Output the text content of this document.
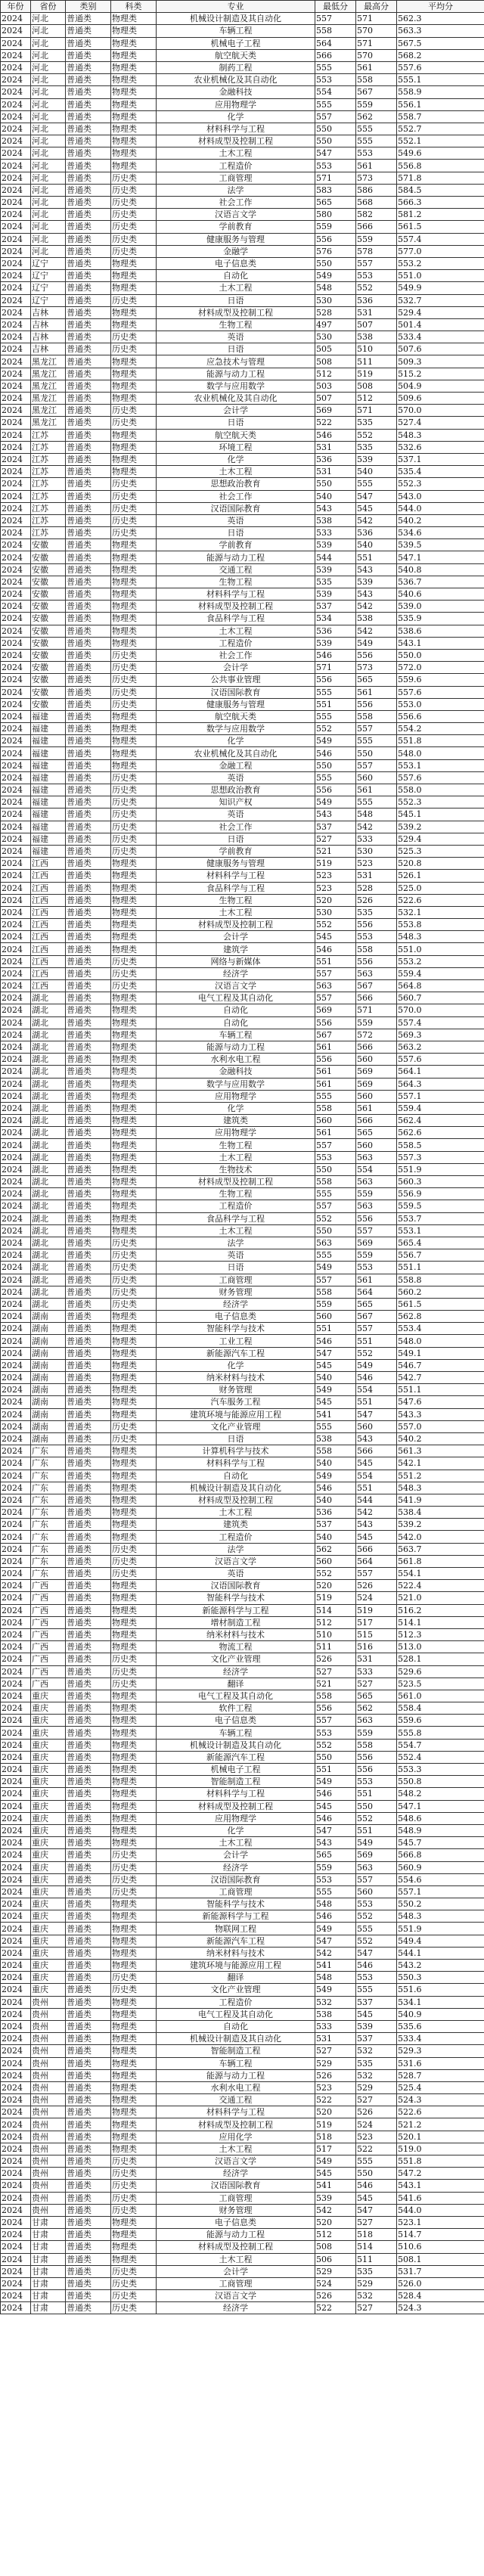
年份	省份	类别	科类	专业	最低分	最高分	平均分
2024	河北	普通类	物理类	机械设计制造及其自动化	557	571	562.3
2024	河北	普通类	物理类	车辆工程	558	570	563.3
2024	河北	普通类	物理类	机械电子工程	564	571	567.5
2024	河北	普通类	物理类	航空航天类	566	570	568.2
2024	河北	普通类	物理类	制药工程	555	561	557.6
2024	河北	普通类	物理类	农业机械化及其自动化	553	558	555.1
2024	河北	普通类	物理类	金融科技	554	567	558.9
2024	河北	普通类	物理类	应用物理学	555	559	556.1
2024	河北	普通类	物理类	化学	557	562	558.7
2024	河北	普通类	物理类	材料科学与工程	550	555	552.7
2024	河北	普通类	物理类	材料成型及控制工程	550	555	552.1
2024	河北	普通类	物理类	土木工程	547	553	549.6
2024	河北	普通类	物理类	工程造价	553	561	556.8
2024	河北	普通类	历史类	工商管理	571	573	571.8
2024	河北	普通类	历史类	法学	583	586	584.5
2024	河北	普通类	历史类	社会工作	565	568	566.3
2024	河北	普通类	历史类	汉语言文学	580	582	581.2
2024	河北	普通类	历史类	学前教育	559	566	561.5
2024	河北	普通类	历史类	健康服务与管理	556	559	557.4
2024	河北	普通类	历史类	金融学	576	578	577.0
2024	辽宁	普通类	物理类	电子信息类	550	557	553.2
2024	辽宁	普通类	物理类	自动化	549	553	551.0
2024	辽宁	普通类	物理类	土木工程	548	552	549.9
2024	辽宁	普通类	历史类	日语	530	536	532.7
2024	吉林	普通类	物理类	材料成型及控制工程	528	531	529.4
2024	吉林	普通类	物理类	生物工程	497	507	501.4
2024	吉林	普通类	历史类	英语	530	538	533.4
2024	吉林	普通类	历史类	日语	505	510	507.6
2024	黑龙江	普通类	物理类	应急技术与管理	508	511	509.3
2024	黑龙江	普通类	物理类	能源与动力工程	512	519	515.2
2024	黑龙江	普通类	物理类	数学与应用数学	503	508	504.9
2024	黑龙江	普通类	物理类	农业机械化及其自动化	507	512	509.6
2024	黑龙江	普通类	历史类	会计学	569	571	570.0
2024	黑龙江	普通类	历史类	日语	522	535	527.4
2024	江苏	普通类	物理类	航空航天类	546	552	548.3
2024	江苏	普通类	物理类	环境工程	531	535	532.6
2024	江苏	普通类	物理类	化学	536	539	537.1
2024	江苏	普通类	物理类	土木工程	531	540	535.4
2024	江苏	普通类	历史类	思想政治教育	550	555	552.3
2024	江苏	普通类	历史类	社会工作	540	547	543.0
2024	江苏	普通类	历史类	汉语国际教育	543	545	544.0
2024	江苏	普通类	历史类	英语	538	542	540.2
2024	江苏	普通类	历史类	日语	533	536	534.6
2024	安徽	普通类	物理类	学前教育	539	540	539.5
2024	安徽	普通类	物理类	能源与动力工程	544	551	547.1
2024	安徽	普通类	物理类	交通工程	539	543	540.8
2024	安徽	普通类	物理类	生物工程	535	539	536.7
2024	安徽	普通类	物理类	材料科学与工程	539	543	540.6
2024	安徽	普通类	物理类	材料成型及控制工程	537	542	539.0
2024	安徽	普通类	物理类	食品科学与工程	534	538	535.9
2024	安徽	普通类	物理类	土木工程	536	542	538.6
2024	安徽	普通类	物理类	工程造价	539	549	543.1
2024	安徽	普通类	历史类	社会工作	546	556	550.0
2024	安徽	普通类	历史类	会计学	571	573	572.0
2024	安徽	普通类	历史类	公共事业管理	556	565	559.6
2024	安徽	普通类	历史类	汉语国际教育	555	561	557.6
2024	安徽	普通类	历史类	健康服务与管理	551	556	553.0
2024	福建	普通类	物理类	航空航天类	555	558	556.6
2024	福建	普通类	物理类	数学与应用数学	552	557	554.2
2024	福建	普通类	物理类	化学	549	555	551.8
2024	福建	普通类	物理类	农业机械化及其自动化	546	550	548.0
2024	福建	普通类	物理类	金融工程	550	557	553.1
2024	福建	普通类	历史类	英语	555	560	557.6
2024	福建	普通类	历史类	思想政治教育	556	561	558.0
2024	福建	普通类	历史类	知识产权	549	555	552.3
2024	福建	普通类	历史类	英语	543	548	545.1
2024	福建	普通类	历史类	社会工作	537	542	539.2
2024	福建	普通类	历史类	日语	527	533	529.4
2024	福建	普通类	历史类	学前教育	521	530	525.3
2024	江西	普通类	物理类	健康服务与管理	519	523	520.8
2024	江西	普通类	物理类	材料科学与工程	523	531	526.1
2024	江西	普通类	物理类	食品科学与工程	523	528	525.0
2024	江西	普通类	物理类	生物工程	520	526	522.6
2024	江西	普通类	物理类	土木工程	530	535	532.1
2024	江西	普通类	物理类	材料成型及控制工程	552	556	553.8
2024	江西	普通类	物理类	会计学	545	553	548.3
2024	江西	普通类	物理类	建筑学	546	558	551.0
2024	江西	普通类	历史类	网络与新媒体	551	556	553.2
2024	江西	普通类	历史类	经济学	557	563	559.4
2024	江西	普通类	历史类	汉语言文学	563	567	564.8
2024	湖北	普通类	物理类	电气工程及其自动化	557	566	560.7
2024	湖北	普通类	物理类	自动化	569	571	570.0
2024	湖北	普通类	物理类	自动化	556	559	557.4
2024	湖北	普通类	物理类	车辆工程	567	572	569.3
2024	湖北	普通类	物理类	能源与动力工程	561	566	563.2
2024	湖北	普通类	物理类	水利水电工程	556	560	557.6
2024	湖北	普通类	物理类	金融科技	561	569	564.1
2024	湖北	普通类	物理类	数学与应用数学	561	569	564.3
2024	湖北	普通类	物理类	应用物理学	555	560	557.1
2024	湖北	普通类	物理类	化学	558	561	559.4
2024	湖北	普通类	物理类	建筑类	560	566	562.4
2024	湖北	普通类	物理类	应用物理学	561	565	562.6
2024	湖北	普通类	物理类	生物工程	557	560	558.5
2024	湖北	普通类	物理类	土木工程	553	563	557.3
2024	湖北	普通类	物理类	生物技术	550	554	551.9
2024	湖北	普通类	物理类	材料成型及控制工程	558	563	560.3
2024	湖北	普通类	物理类	生物工程	555	559	556.9
2024	湖北	普通类	物理类	工程造价	557	563	559.5
2024	湖北	普通类	物理类	食品科学与工程	552	556	553.7
2024	湖北	普通类	物理类	土木工程	550	557	553.1
2024	湖北	普通类	历史类	法学	563	569	565.4
2024	湖北	普通类	历史类	英语	555	559	556.7
2024	湖北	普通类	历史类	日语	549	553	551.1
2024	湖北	普通类	历史类	工商管理	557	561	558.8
2024	湖北	普通类	历史类	财务管理	558	564	560.2
2024	湖北	普通类	历史类	经济学	559	565	561.5
2024	湖南	普通类	物理类	电子信息类	560	567	562.8
2024	湖南	普通类	物理类	智能科学与技术	551	557	553.4
2024	湖南	普通类	物理类	工业工程	546	551	548.0
2024	湖南	普通类	物理类	新能源汽车工程	547	552	549.1
2024	湖南	普通类	物理类	化学	545	549	546.7
2024	湖南	普通类	物理类	纳米材料与技术	540	546	542.7
2024	湖南	普通类	物理类	财务管理	549	554	551.1
2024	湖南	普通类	物理类	汽车服务工程	545	551	547.6
2024	湖南	普通类	物理类	建筑环境与能源应用工程	541	547	543.3
2024	湖南	普通类	历史类	文化产业管理	555	560	557.0
2024	湖南	普通类	历史类	日语	538	543	540.2
2024	广东	普通类	物理类	计算机科学与技术	558	566	561.3
2024	广东	普通类	物理类	材料科学与工程	540	545	542.1
2024	广东	普通类	物理类	自动化	549	554	551.2
2024	广东	普通类	物理类	机械设计制造及其自动化	546	551	548.3
2024	广东	普通类	物理类	材料成型及控制工程	540	544	541.9
2024	广东	普通类	物理类	土木工程	536	542	538.4
2024	广东	普通类	物理类	建筑类	537	543	539.2
2024	广东	普通类	物理类	工程造价	540	545	542.0
2024	广东	普通类	历史类	法学	562	566	563.7
2024	广东	普通类	历史类	汉语言文学	560	564	561.8
2024	广东	普通类	历史类	英语	552	557	554.1
2024	广西	普通类	物理类	汉语国际教育	520	526	522.4
2024	广西	普通类	物理类	智能科学与技术	519	524	521.0
2024	广西	普通类	物理类	新能源科学与工程	514	519	516.2
2024	广西	普通类	物理类	增材制造工程	512	517	514.1
2024	广西	普通类	物理类	纳米材料与技术	510	515	512.3
2024	广西	普通类	物理类	物流工程	511	516	513.0
2024	广西	普通类	历史类	文化产业管理	526	531	528.1
2024	广西	普通类	历史类	经济学	527	533	529.6
2024	广西	普通类	历史类	翻译	521	527	523.5
2024	重庆	普通类	物理类	电气工程及其自动化	558	565	561.0
2024	重庆	普通类	物理类	软件工程	556	562	558.4
2024	重庆	普通类	物理类	电子信息类	557	563	559.6
2024	重庆	普通类	物理类	车辆工程	553	559	555.8
2024	重庆	普通类	物理类	机械设计制造及其自动化	552	558	554.7
2024	重庆	普通类	物理类	新能源汽车工程	550	556	552.4
2024	重庆	普通类	物理类	机械电子工程	551	556	553.3
2024	重庆	普通类	物理类	智能制造工程	549	553	550.8
2024	重庆	普通类	物理类	材料科学与工程	546	551	548.2
2024	重庆	普通类	物理类	材料成型及控制工程	545	550	547.1
2024	重庆	普通类	物理类	应用物理学	546	552	548.6
2024	重庆	普通类	物理类	化学	547	551	548.9
2024	重庆	普通类	物理类	土木工程	543	549	545.7
2024	重庆	普通类	历史类	会计学	565	569	566.8
2024	重庆	普通类	历史类	经济学	559	563	560.9
2024	重庆	普通类	历史类	汉语国际教育	553	557	554.6
2024	重庆	普通类	历史类	工商管理	555	560	557.1
2024	重庆	普通类	物理类	智能科学与技术	548	553	550.2
2024	重庆	普通类	物理类	新能源科学与工程	546	552	548.3
2024	重庆	普通类	物理类	物联网工程	549	555	551.9
2024	重庆	普通类	物理类	新能源汽车工程	547	552	549.4
2024	重庆	普通类	物理类	纳米材料与技术	542	547	544.1
2024	重庆	普通类	物理类	建筑环境与能源应用工程	541	546	543.2
2024	重庆	普通类	历史类	翻译	548	553	550.3
2024	重庆	普通类	历史类	文化产业管理	549	555	551.6
2024	贵州	普通类	物理类	工程造价	532	537	534.1
2024	贵州	普通类	物理类	电气工程及其自动化	538	545	540.9
2024	贵州	普通类	物理类	自动化	533	539	535.6
2024	贵州	普通类	物理类	机械设计制造及其自动化	531	537	533.4
2024	贵州	普通类	物理类	智能制造工程	527	532	529.3
2024	贵州	普通类	物理类	车辆工程	529	535	531.6
2024	贵州	普通类	物理类	能源与动力工程	526	532	528.7
2024	贵州	普通类	物理类	水利水电工程	523	529	525.4
2024	贵州	普通类	物理类	交通工程	522	527	524.3
2024	贵州	普通类	物理类	材料科学与工程	520	526	522.6
2024	贵州	普通类	物理类	材料成型及控制工程	519	524	521.2
2024	贵州	普通类	物理类	应用化学	518	523	520.1
2024	贵州	普通类	物理类	土木工程	517	522	519.0
2024	贵州	普通类	历史类	汉语言文学	549	555	551.8
2024	贵州	普通类	历史类	经济学	545	550	547.2
2024	贵州	普通类	历史类	汉语国际教育	541	546	543.1
2024	贵州	普通类	历史类	工商管理	539	545	541.6
2024	贵州	普通类	历史类	财务管理	542	547	544.0
2024	甘肃	普通类	物理类	电子信息类	520	527	523.1
2024	甘肃	普通类	物理类	能源与动力工程	512	518	514.7
2024	甘肃	普通类	物理类	材料成型及控制工程	508	514	510.6
2024	甘肃	普通类	物理类	土木工程	506	511	508.1
2024	甘肃	普通类	历史类	会计学	529	535	531.7
2024	甘肃	普通类	历史类	工商管理	524	529	526.0
2024	甘肃	普通类	历史类	汉语言文学	526	532	528.4
2024	甘肃	普通类	历史类	经济学	522	527	524.3
